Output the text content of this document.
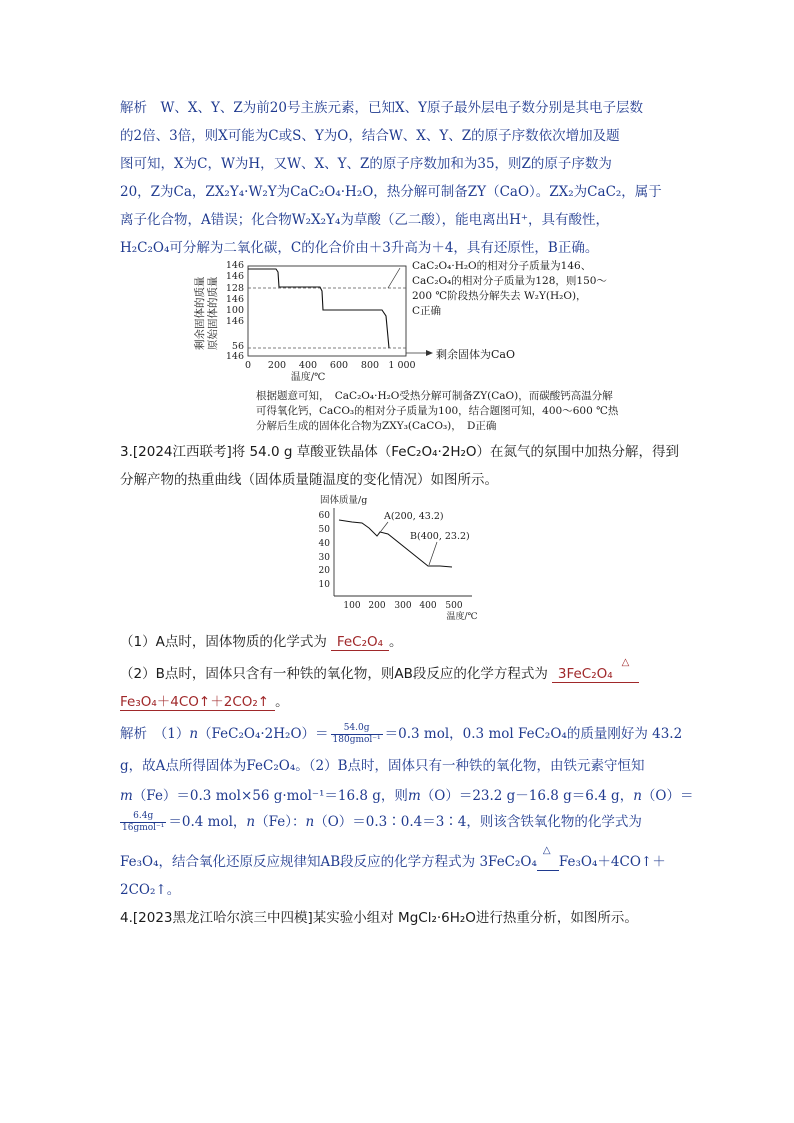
解析　W、X、Y、Z为前20号主族元素，已知X、Y原子最外层电子数分别是其电子层数
的2倍、3倍，则X可能为C或S、Y为O，结合W、X、Y、Z的原子序数依次增加及题
图可知，X为C，W为H，又W、X、Y、Z的原子序数加和为35，则Z的原子序数为
20，Z为Ca，ZX₂Y₄·W₂Y为CaC₂O₄·H₂O，热分解可制备ZY（CaO）。ZX₂为CaC₂，属于
离子化合物，A错误；化合物W₂X₂Y₄为草酸（乙二酸），能电离出H⁺，具有酸性，
H₂C₂O₄可分解为二氧化碳，C的化合价由＋3升高为＋4，具有还原性，B正确。
剩余固体的质量 原始固体的质量
146
146
128
146
100
146
56
146
0 200 400 600 800 1 000
温度/℃
CaC₂O₄·H₂O的相对分子质量为146、
CaC₂O₄的相对分子质量为128，则150～
200 ℃阶段热分解失去 W₂Y(H₂O)，
C正确
剩余固体为CaO
根据题意可知，　CaC₂O₄·H₂O受热分解可制备ZY(CaO)，而碳酸钙高温分解
可得氧化钙，CaCO₃的相对分子质量为100，结合题图可知，400～600 ℃热
分解后生成的固体化合物为ZXY₃(CaCO₃)，　D正确
3.[2024江西联考]将 54.0 g 草酸亚铁晶体（FeC₂O₄·2H₂O）在氮气的氛围中加热分解，得到
分解产物的热重曲线（固体质量随温度的变化情况）如图所示。
固体质量/g
60
50
40
30
20
10
100 200 300 400 500
温度/℃
A(200, 43.2)
B(400, 23.2)
（1）A点时，固体物质的化学式为 FeC₂O₄ 。
（2）B点时，固体只含有一种铁的氧化物，则AB段反应的化学方程式为 3FeC₂O₄
△
Fe₃O₄＋4CO↑＋2CO₂↑ 。
解析　（1）n（FeC₂O₄·2H₂O）＝	54.0g
180gmol⁻¹ ＝0.3 mol，0.3 mol FeC₂O₄的质量刚好为 43.2
g，故A点所得固体为FeC₂O₄。（2）B点时，固体只有一种铁的氧化物，由铁元素守恒知
m（Fe）＝0.3 mol×56 g·mol⁻¹＝16.8 g，则m（O）＝23.2 g－16.8 g＝6.4 g，n（O）＝
6.4g
16gmol⁻¹ ＝0.4 mol，n（Fe）：n（O）＝0.3∶0.4＝3∶4，则该含铁氧化物的化学式为
Fe₃O₄，结合氧化还原反应规律知AB段反应的化学方程式为 3FeC₂O₄
△
Fe₃O₄＋4CO↑＋
2CO₂↑。
4.[2023黑龙江哈尔滨三中四模]某实验小组对 MgCl₂·6H₂O进行热重分析，如图所示。
